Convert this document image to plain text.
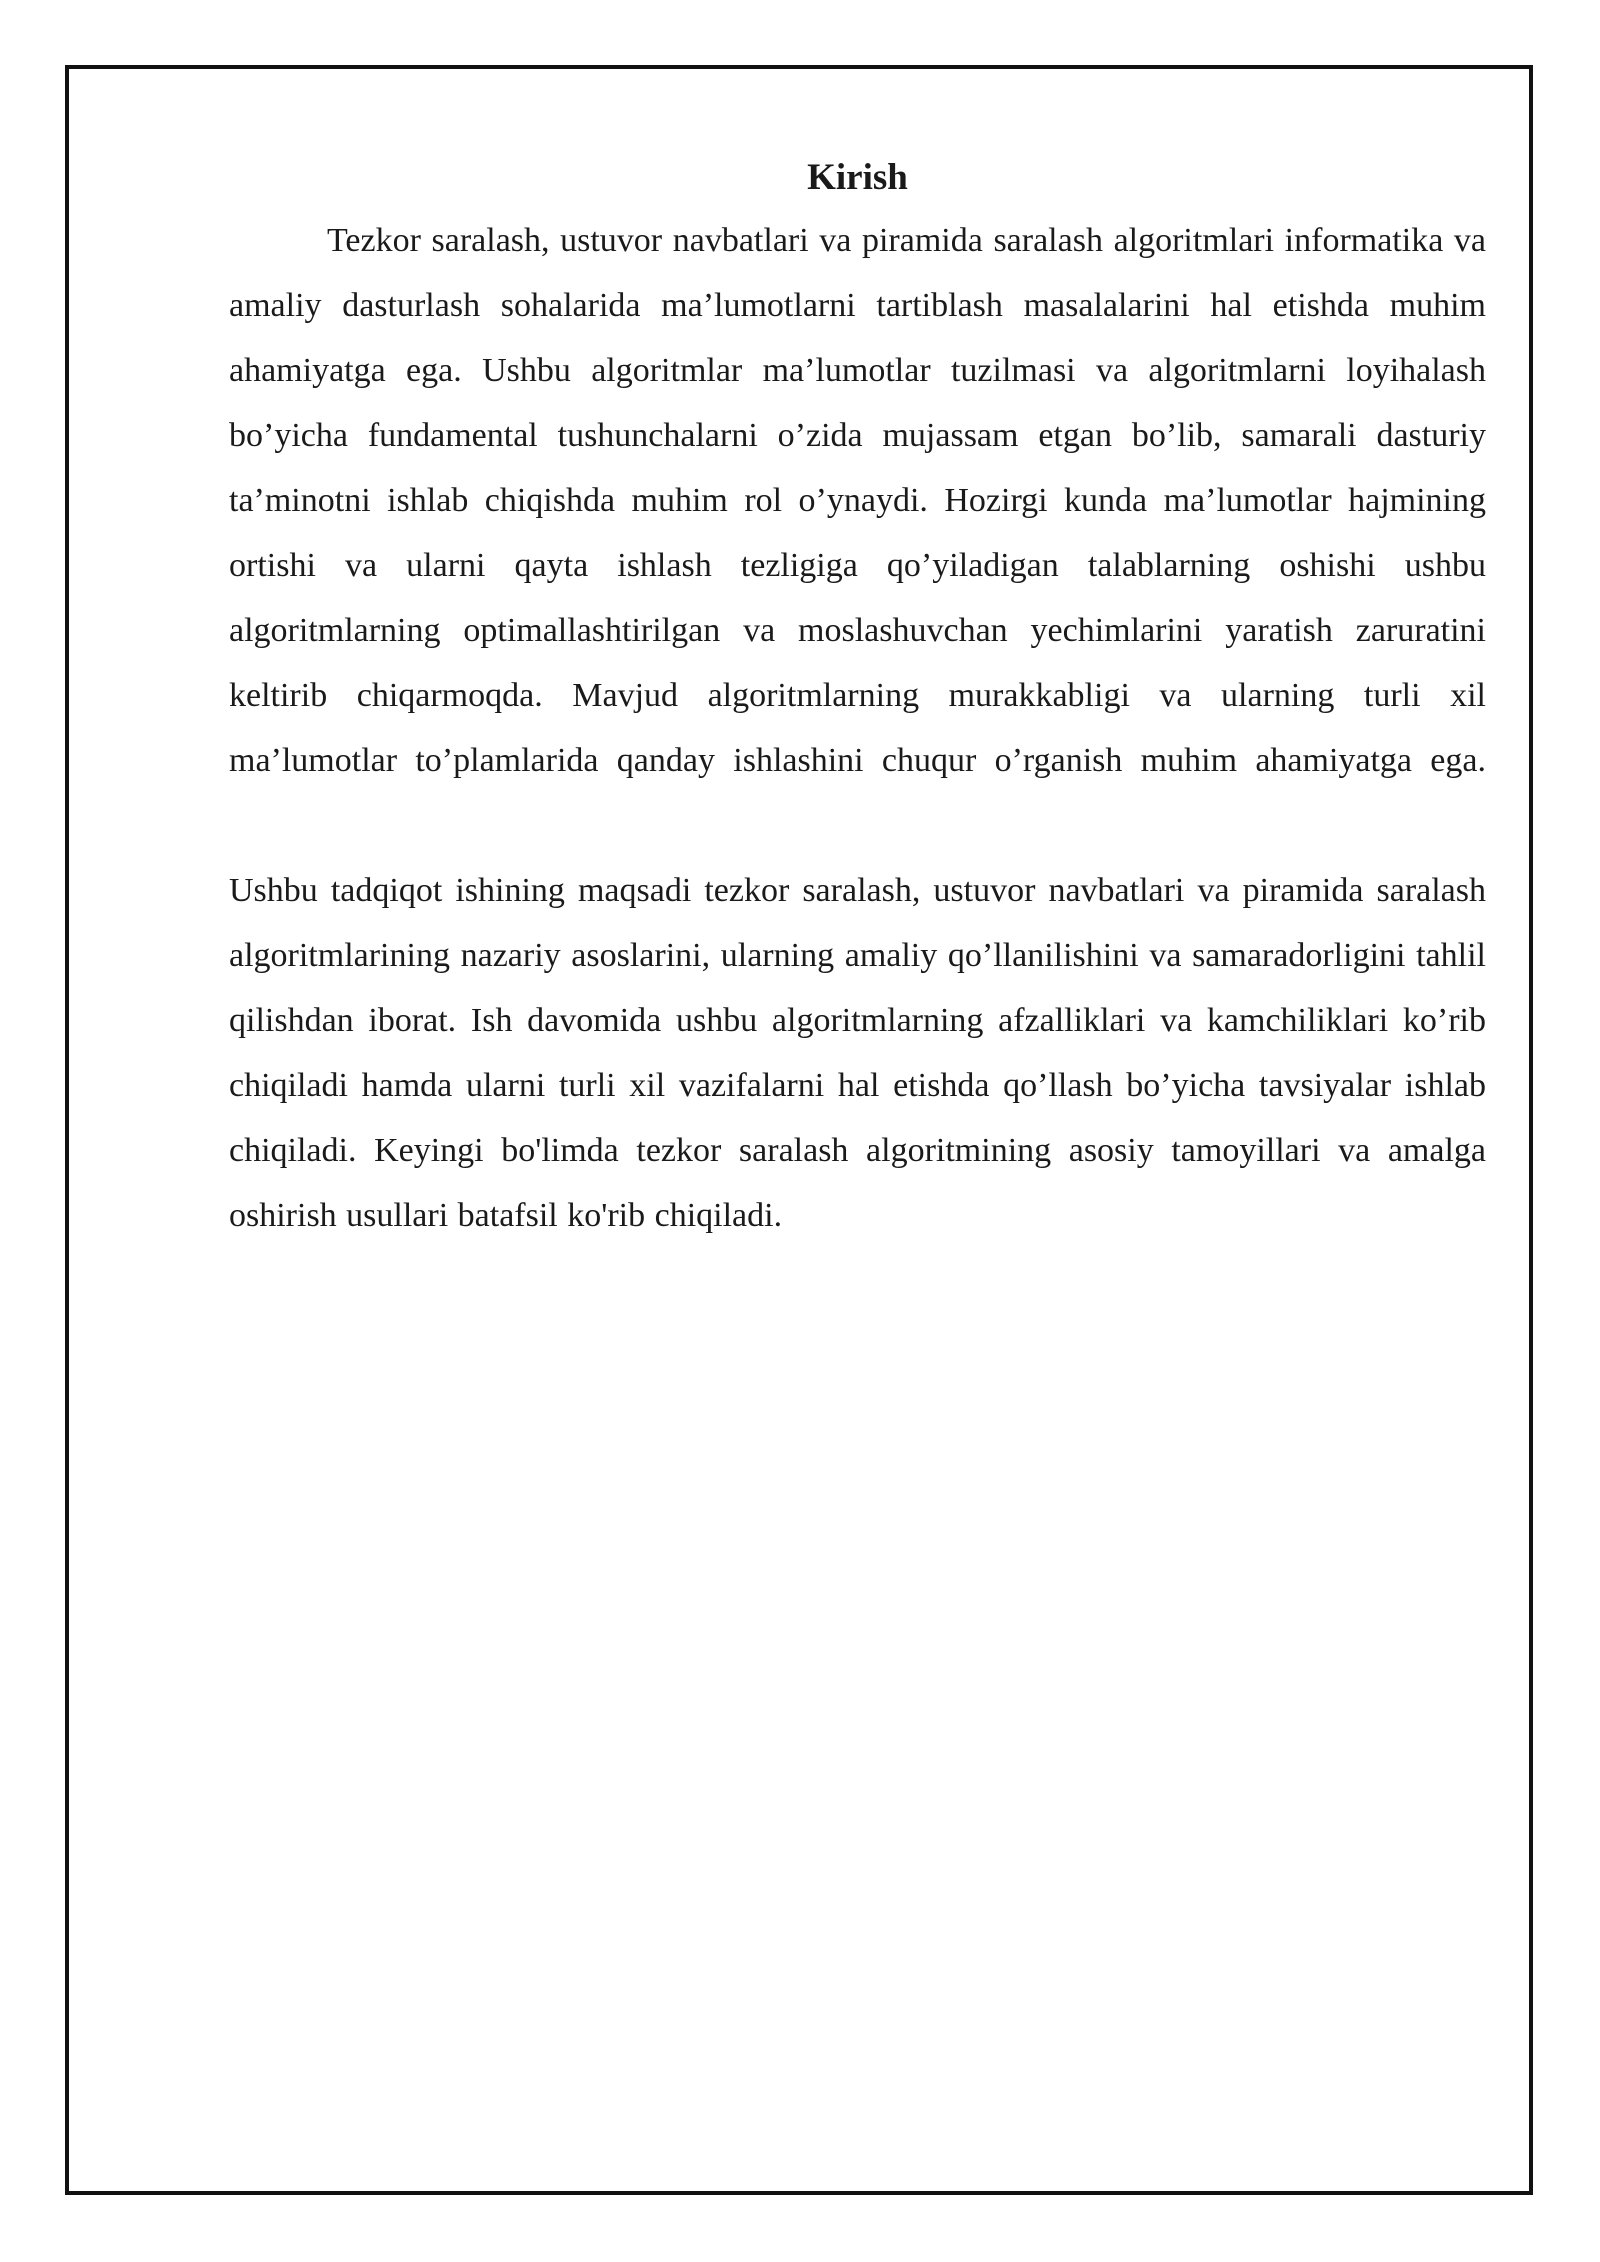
Kirish

Tezkor saralash, ustuvor navbatlari va piramida saralash algoritmlari informatika va amaliy dasturlash sohalarida ma’lumotlarni tartiblash masalalarini hal etishda muhim ahamiyatga ega. Ushbu algoritmlar ma’lumotlar tuzilmasi va algoritmlarni loyihalash bo’yicha fundamental tushunchalarni o’zida mujassam etgan bo’lib, samarali dasturiy ta’minotni ishlab chiqishda muhim rol o’ynaydi. Hozirgi kunda ma’lumotlar hajmining ortishi va ularni qayta ishlash tezligiga qo’yiladigan talablarning oshishi ushbu algoritmlarning optimallashtirilgan va moslashuvchan yechimlarini yaratish zaruratini keltirib chiqarmoqda. Mavjud algoritmlarning murakkabligi va ularning turli xil ma’lumotlar to’plamlarida qanday ishlashini chuqur o’rganish muhim ahamiyatga ega.

Ushbu tadqiqot ishining maqsadi tezkor saralash, ustuvor navbatlari va piramida saralash algoritmlarining nazariy asoslarini, ularning amaliy qo’llanilishini va samaradorligini tahlil qilishdan iborat. Ish davomida ushbu algoritmlarning afzalliklari va kamchiliklari ko’rib chiqiladi hamda ularni turli xil vazifalarni hal etishda qo’llash bo’yicha tavsiyalar ishlab chiqiladi. Keyingi bo'limda tezkor saralash algoritmining asosiy tamoyillari va amalga oshirish usullari batafsil ko'rib chiqiladi.
